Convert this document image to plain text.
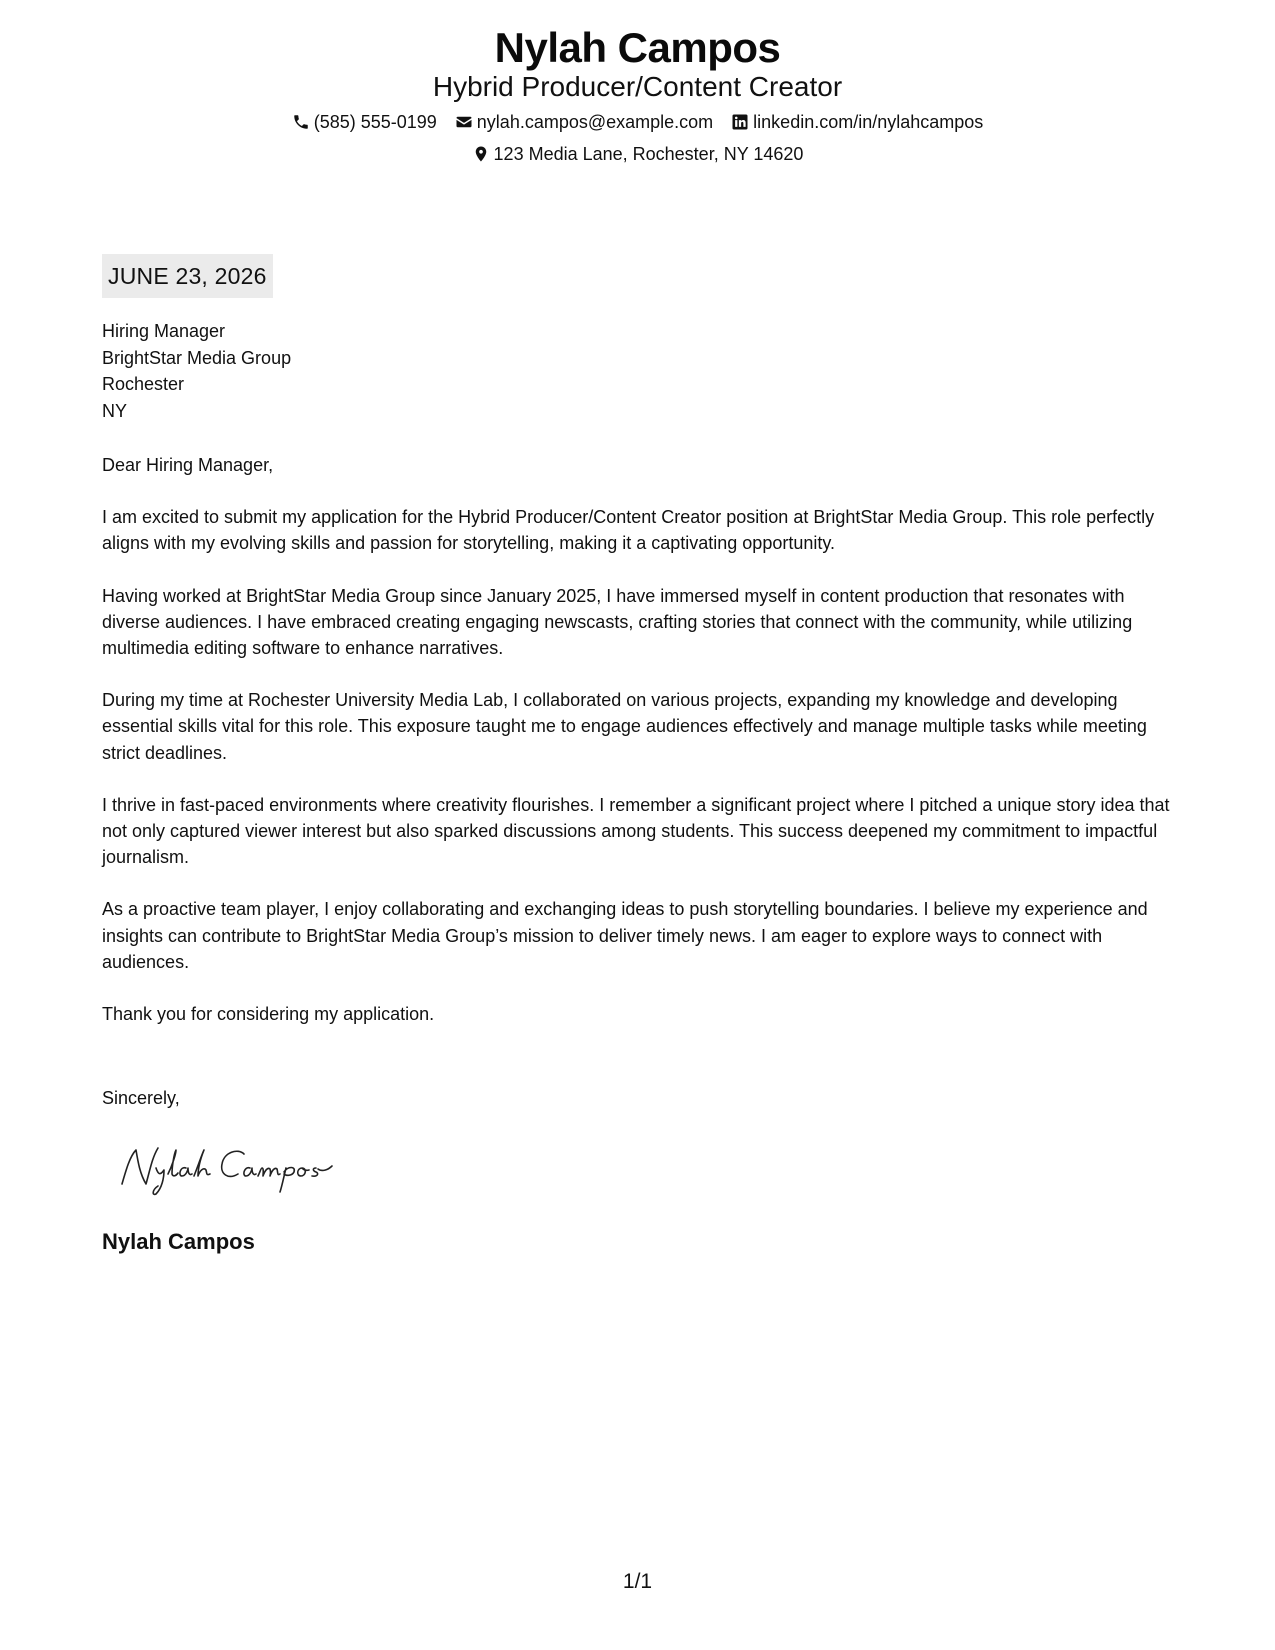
Nylah Campos
Hybrid Producer/Content Creator
(585) 555-0199 nylah.campos@example.com linkedin.com/in/nylahcampos
123 Media Lane, Rochester, NY 14620
JUNE 23, 2026
Hiring Manager
BrightStar Media Group
Rochester
NY

Dear Hiring Manager,

I am excited to submit my application for the Hybrid Producer/Content Creator position at BrightStar Media Group. This role perfectly aligns with my evolving skills and passion for storytelling, making it a captivating opportunity.

Having worked at BrightStar Media Group since January 2025, I have immersed myself in content production that resonates with diverse audiences. I have embraced creating engaging newscasts, crafting stories that connect with the community, while utilizing multimedia editing software to enhance narratives.

During my time at Rochester University Media Lab, I collaborated on various projects, expanding my knowledge and developing essential skills vital for this role. This exposure taught me to engage audiences effectively and manage multiple tasks while meeting strict deadlines.

I thrive in fast-paced environments where creativity flourishes. I remember a significant project where I pitched a unique story idea that not only captured viewer interest but also sparked discussions among students. This success deepened my commitment to impactful journalism.

As a proactive team player, I enjoy collaborating and exchanging ideas to push storytelling boundaries. I believe my experience and insights can contribute to BrightStar Media Group’s mission to deliver timely news. I am eager to explore ways to connect with audiences.

Thank you for considering my application.

Sincerely,
Nylah Campos
1/1
